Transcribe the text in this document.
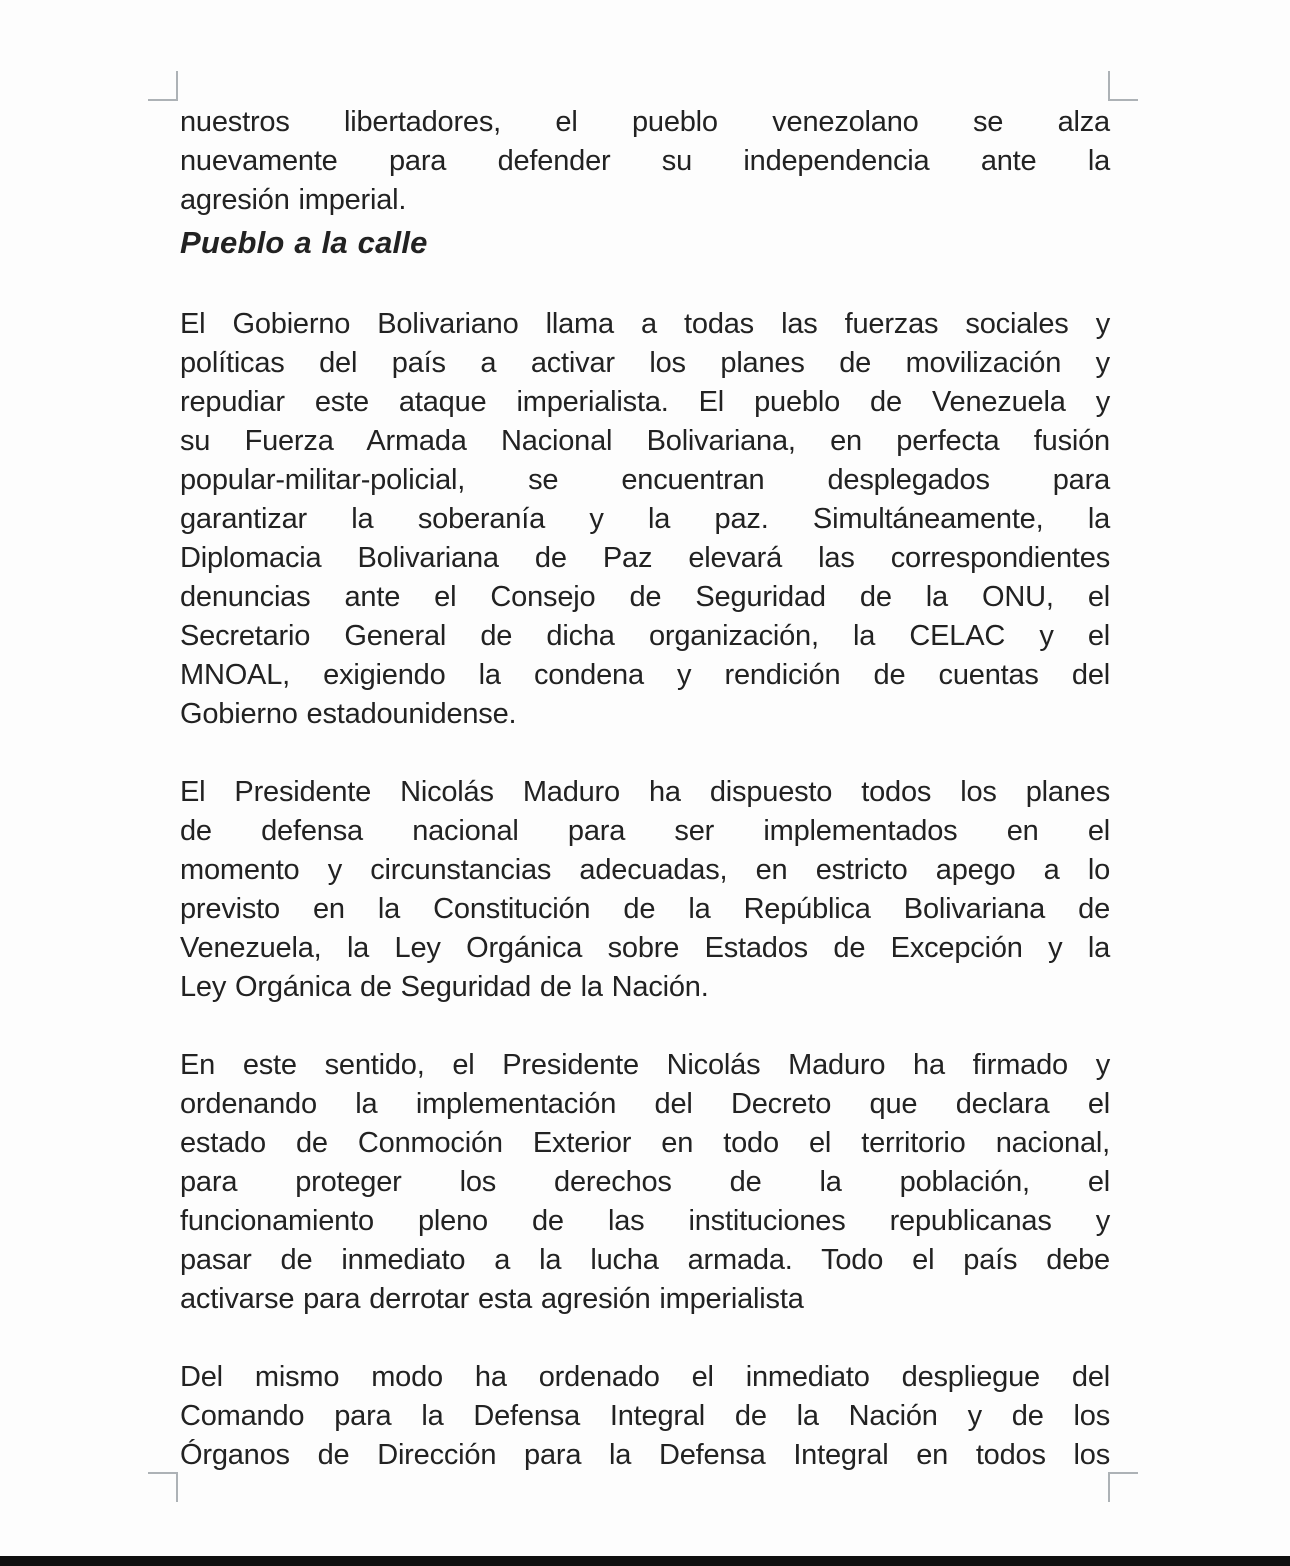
nuestros libertadores, el pueblo venezolano se alza
nuevamente para defender su independencia ante la
agresión imperial.
Pueblo a la calle
El Gobierno Bolivariano llama a todas las fuerzas sociales y
políticas del país a activar los planes de movilización y
repudiar este ataque imperialista. El pueblo de Venezuela y
su Fuerza Armada Nacional Bolivariana, en perfecta fusión
popular-militar-policial, se encuentran desplegados para
garantizar la soberanía y la paz. Simultáneamente, la
Diplomacia Bolivariana de Paz elevará las correspondientes
denuncias ante el Consejo de Seguridad de la ONU, el
Secretario General de dicha organización, la CELAC y el
MNOAL, exigiendo la condena y rendición de cuentas del
Gobierno estadounidense.
El Presidente Nicolás Maduro ha dispuesto todos los planes
de defensa nacional para ser implementados en el
momento y circunstancias adecuadas, en estricto apego a lo
previsto en la Constitución de la República Bolivariana de
Venezuela, la Ley Orgánica sobre Estados de Excepción y la
Ley Orgánica de Seguridad de la Nación.
En este sentido, el Presidente Nicolás Maduro ha firmado y
ordenando la implementación del Decreto que declara el
estado de Conmoción Exterior en todo el territorio nacional,
para proteger los derechos de la población, el
funcionamiento pleno de las instituciones republicanas y
pasar de inmediato a la lucha armada. Todo el país debe
activarse para derrotar esta agresión imperialista
Del mismo modo ha ordenado el inmediato despliegue del
Comando para la Defensa Integral de la Nación y de los
Órganos de Dirección para la Defensa Integral en todos los
